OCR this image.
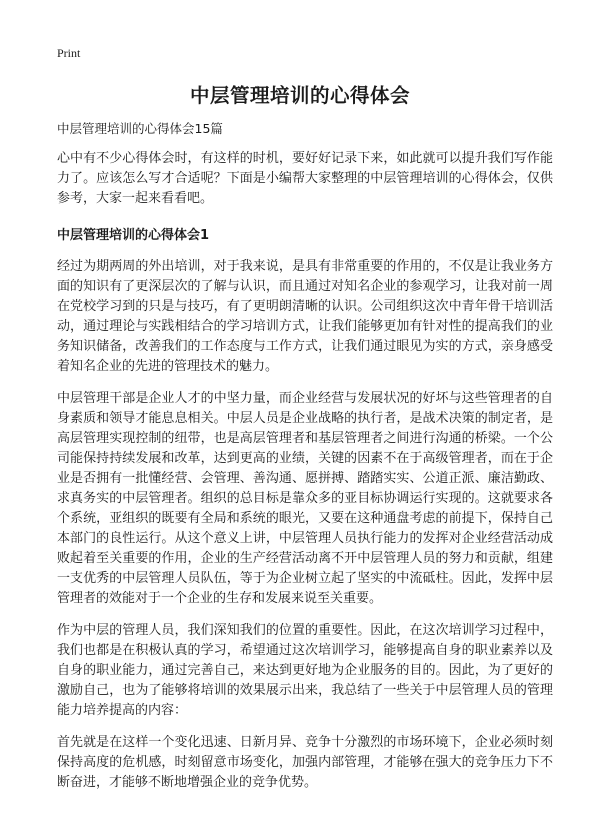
Print
中层管理培训的心得体会

中层管理培训的心得体会15篇

心中有不少心得体会时，有这样的时机，要好好记录下来，如此就可以提升我们写作能力了。应该怎么写才合适呢？下面是小编帮大家整理的中层管理培训的心得体会，仅供参考，大家一起来看看吧。

中层管理培训的心得体会1

经过为期两周的外出培训，对于我来说，是具有非常重要的作用的，不仅是让我业务方面的知识有了更深层次的了解与认识，而且通过对知名企业的参观学习，让我对前一周在党校学习到的只是与技巧，有了更明朗清晰的认识。公司组织这次中青年骨干培训活动，通过理论与实践相结合的学习培训方式，让我们能够更加有针对性的提高我们的业务知识储备，改善我们的工作态度与工作方式，让我们通过眼见为实的方式，亲身感受着知名企业的先进的管理技术的魅力。

中层管理干部是企业人才的中坚力量，而企业经营与发展状况的好坏与这些管理者的自身素质和领导才能息息相关。中层人员是企业战略的执行者，是战术决策的制定者，是高层管理实现控制的纽带，也是高层管理者和基层管理者之间进行沟通的桥梁。一个公司能保持持续发展和改革，达到更高的业绩，关键的因素不在于高级管理者，而在于企业是否拥有一批懂经营、会管理、善沟通、愿拼搏、踏踏实实、公道正派、廉洁勤政、求真务实的中层管理者。组织的总目标是靠众多的亚目标协调运行实现的。这就要求各个系统，亚组织的既要有全局和系统的眼光，又要在这种通盘考虑的前提下，保持自己本部门的良性运行。从这个意义上讲，中层管理人员执行能力的发挥对企业经营活动成败起着至关重要的作用，企业的生产经营活动离不开中层管理人员的努力和贡献，组建一支优秀的中层管理人员队伍，等于为企业树立起了坚实的中流砥柱。因此，发挥中层管理者的效能对于一个企业的生存和发展来说至关重要。

作为中层的管理人员，我们深知我们的位置的重要性。因此，在这次培训学习过程中，我们也都是在积极认真的学习，希望通过这次培训学习，能够提高自身的职业素养以及自身的职业能力，通过完善自己，来达到更好地为企业服务的目的。因此，为了更好的激励自己，也为了能够将培训的效果展示出来，我总结了一些关于中层管理人员的管理能力培养提高的内容：

首先就是在这样一个变化迅速、日新月异、竞争十分激烈的市场环境下，企业必须时刻保持高度的危机感，时刻留意市场变化，加强内部管理，才能够在强大的竞争压力下不断奋进，才能够不断地增强企业的竞争优势。
